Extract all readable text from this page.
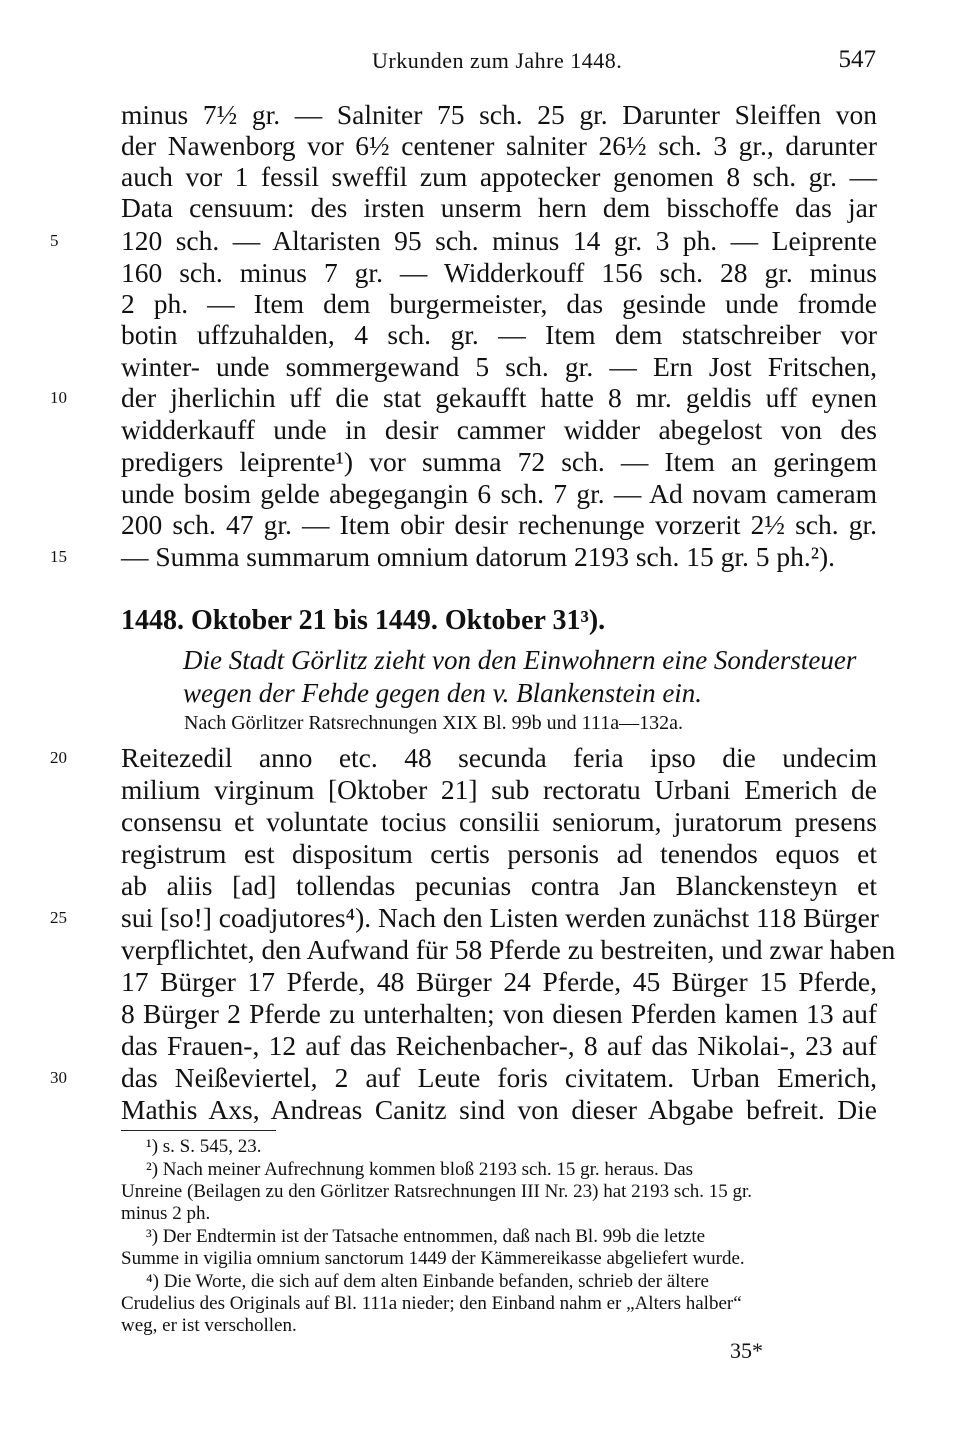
Urkunden zum Jahre 1448.	547
minus 7½ gr. — Salniter 75 sch. 25 gr. Darunter Sleiffen von
der Nawenborg vor 6½ centener salniter 26½ sch. 3 gr., darunter
auch vor 1 fessil sweffil zum appotecker genomen 8 sch. gr. —
Data censuum: des irsten unserm hern dem bisschoffe das jar
120 sch. — Altaristen 95 sch. minus 14 gr. 3 ph. — Leiprente
160 sch. minus 7 gr. — Widderkouff 156 sch. 28 gr. minus
2 ph. — Item dem burgermeister, das gesinde unde fromde
botin uffzuhalden, 4 sch. gr. — Item dem statschreiber vor
winter- unde sommergewand 5 sch. gr. — Ern Jost Fritschen,
der jherlichin uff die stat gekaufft hatte 8 mr. geldis uff eynen
widderkauff unde in desir cammer widder abegelost von des
predigers leiprente¹) vor summa 72 sch. — Item an geringem
unde bosim gelde abegegangin 6 sch. 7 gr. — Ad novam cameram
200 sch. 47 gr. — Item obir desir rechenunge vorzerit 2½ sch. gr.
— Summa summarum omnium datorum 2193 sch. 15 gr. 5 ph.²).
5
10
15
1448. Oktober 21 bis 1449. Oktober 31³).
Die Stadt Görlitz zieht von den Einwohnern eine Sondersteuer wegen der Fehde gegen den v. Blankenstein ein.
Nach Görlitzer Ratsrechnungen XIX Bl. 99b und 111a—132a.
Reitezedil anno etc. 48 secunda feria ipso die undecim
milium virginum [Oktober 21] sub rectoratu Urbani Emerich de
consensu et voluntate tocius consilii seniorum, juratorum presens
registrum est dispositum certis personis ad tenendos equos et
ab aliis [ad] tollendas pecunias contra Jan Blanckensteyn et
sui [so!] coadjutores⁴). Nach den Listen werden zunächst 118 Bürger
verpflichtet, den Aufwand für 58 Pferde zu bestreiten, und zwar haben
17 Bürger 17 Pferde, 48 Bürger 24 Pferde, 45 Bürger 15 Pferde,
8 Bürger 2 Pferde zu unterhalten; von diesen Pferden kamen 13 auf
das Frauen-, 12 auf das Reichenbacher-, 8 auf das Nikolai-, 23 auf
das Neißeviertel, 2 auf Leute foris civitatem. Urban Emerich,
Mathis Axs, Andreas Canitz sind von dieser Abgabe befreit. Die
20
25
30
¹) s. S. 545, 23.
²) Nach meiner Aufrechnung kommen bloß 2193 sch. 15 gr. heraus. Das
Unreine (Beilagen zu den Görlitzer Ratsrechnungen III Nr. 23) hat 2193 sch. 15 gr.
minus 2 ph.
³) Der Endtermin ist der Tatsache entnommen, daß nach Bl. 99b die letzte
Summe in vigilia omnium sanctorum 1449 der Kämmereikasse abgeliefert wurde.
⁴) Die Worte, die sich auf dem alten Einbande befanden, schrieb der ältere
Crudelius des Originals auf Bl. 111a nieder; den Einband nahm er „Alters halber“
weg, er ist verschollen.
35*
